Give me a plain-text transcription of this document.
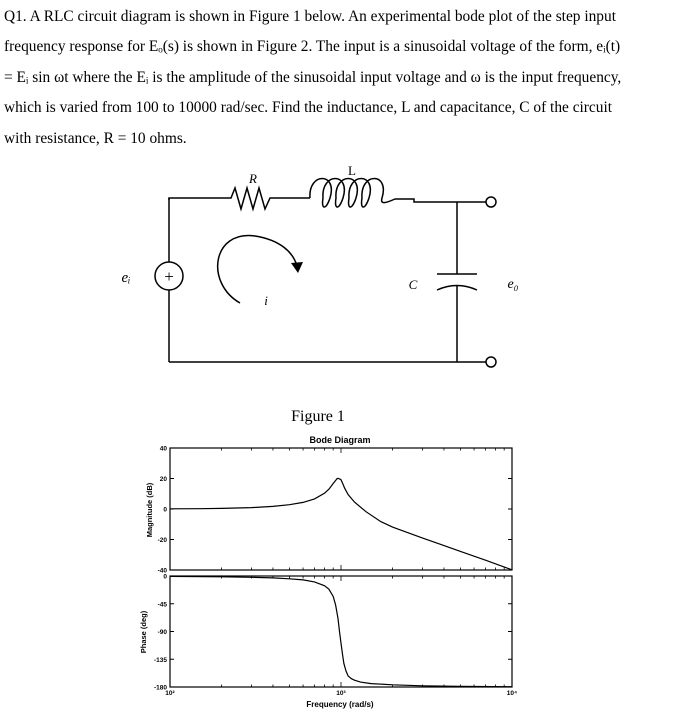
Q1. A RLC circuit diagram is shown in Figure 1 below. An experimental bode plot of the step input
frequency response for Eₒ(s) is shown in Figure 2. The input is a sinusoidal voltage of the form, eᵢ(t)
= Eᵢ sin ωt where the Eᵢ is the amplitude of the sinusoidal input voltage and ω is the input frequency,
which is varied from 100 to 10000 rad/sec. Find the inductance, L and capacitance, C of the circuit
with resistance, R = 10 ohms.
+
R
L
C
eᵢ	e₀
i
Figure 1
Bode Diagram
Frequency (rad/s)
Magnitude (dB)
Phase (deg)
40
20
0
-20
-40
0
-45
-90
-135
-180
10²	10³	10⁴
